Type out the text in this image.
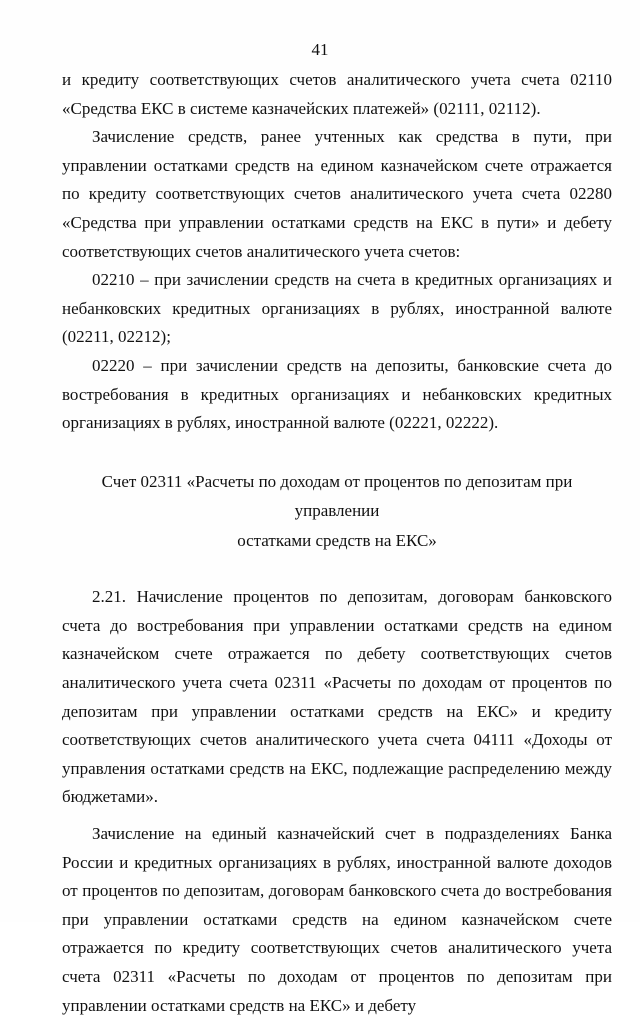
41

и кредиту соответствующих счетов аналитического учета счета 02110 «Средства ЕКС в системе казначейских платежей» (02111, 02112).

Зачисление средств, ранее учтенных как средства в пути, при управлении остатками средств на едином казначейском счете отражается по кредиту соответствующих счетов аналитического учета счета 02280 «Средства при управлении остатками средств на ЕКС в пути» и дебету соответствующих счетов аналитического учета счетов:

02210 – при зачислении средств на счета в кредитных организациях и небанковских кредитных организациях в рублях, иностранной валюте (02211, 02212);

02220 – при зачислении средств на депозиты, банковские счета до востребования в кредитных организациях и небанковских кредитных организациях в рублях, иностранной валюте (02221, 02222).

Счет 02311 «Расчеты по доходам от процентов по депозитам при управлении
остатками средств на ЕКС»

2.21. Начисление процентов по депозитам, договорам банковского счета до востребования при управлении остатками средств на едином казначейском счете отражается по дебету соответствующих счетов аналитического учета счета 02311 «Расчеты по доходам от процентов по депозитам при управлении остатками средств на ЕКС» и кредиту соответствующих счетов аналитического учета счета 04111 «Доходы от управления остатками средств на ЕКС, подлежащие распределению между бюджетами».

Зачисление на единый казначейский счет в подразделениях Банка России и кредитных организациях в рублях, иностранной валюте доходов от процентов по депозитам, договорам банковского счета до востребования при управлении остатками средств на едином казначейском счете отражается по кредиту соответствующих счетов аналитического учета счета 02311 «Расчеты по доходам от процентов по депозитам при управлении остатками средств на ЕКС» и дебету
